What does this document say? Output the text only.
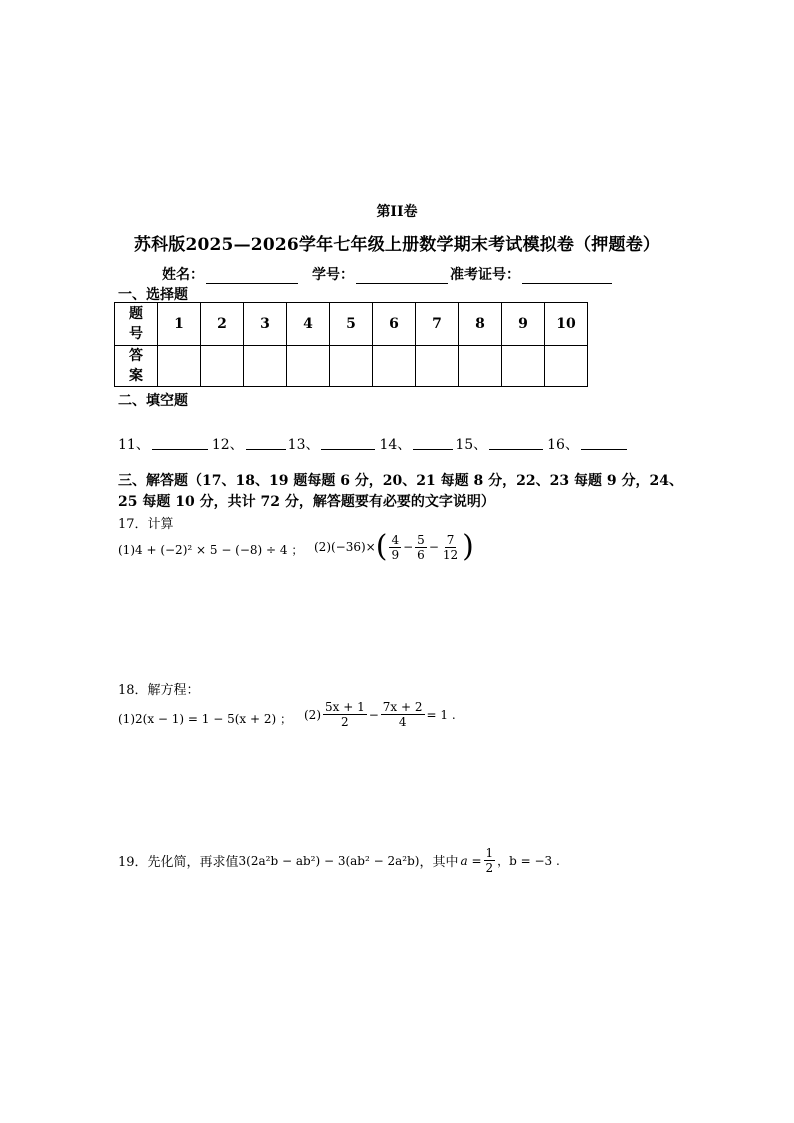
第II卷
苏科版2025—2026学年七年级上册数学期末考试模拟卷（押题卷）
姓名：	学号：	准考证号：
一、选择题
题号	1	2	3	4	5	6	7	8	9	10
答案										
二、填空题
11、	12、	13、	14、	15、	16、
三、解答题（17、18、19 题每题 6 分，20、21 每题 8 分，22、23 每题 9 分，24、
25 每题 10 分，共计 72 分，解答题要有必要的文字说明）
17．计算
(1)4 + (−2)² × 5 − (−8) ÷ 4 ； (2)(−36)× ( $\frac{4}{9} - \frac{5}{6} - \frac{7}{12}$ )
18．解方程：
(1)2(x − 1) = 1 − 5(x + 2) ； $(2) \frac{5x + 1}{2} - \frac{7x + 2}{4} = 1$ .
19．先化简，再求值 3(2a²b − ab²) − 3(ab² − 2a²b) ，其中 $a = \frac{1}{2}$ ，b = −3 .
